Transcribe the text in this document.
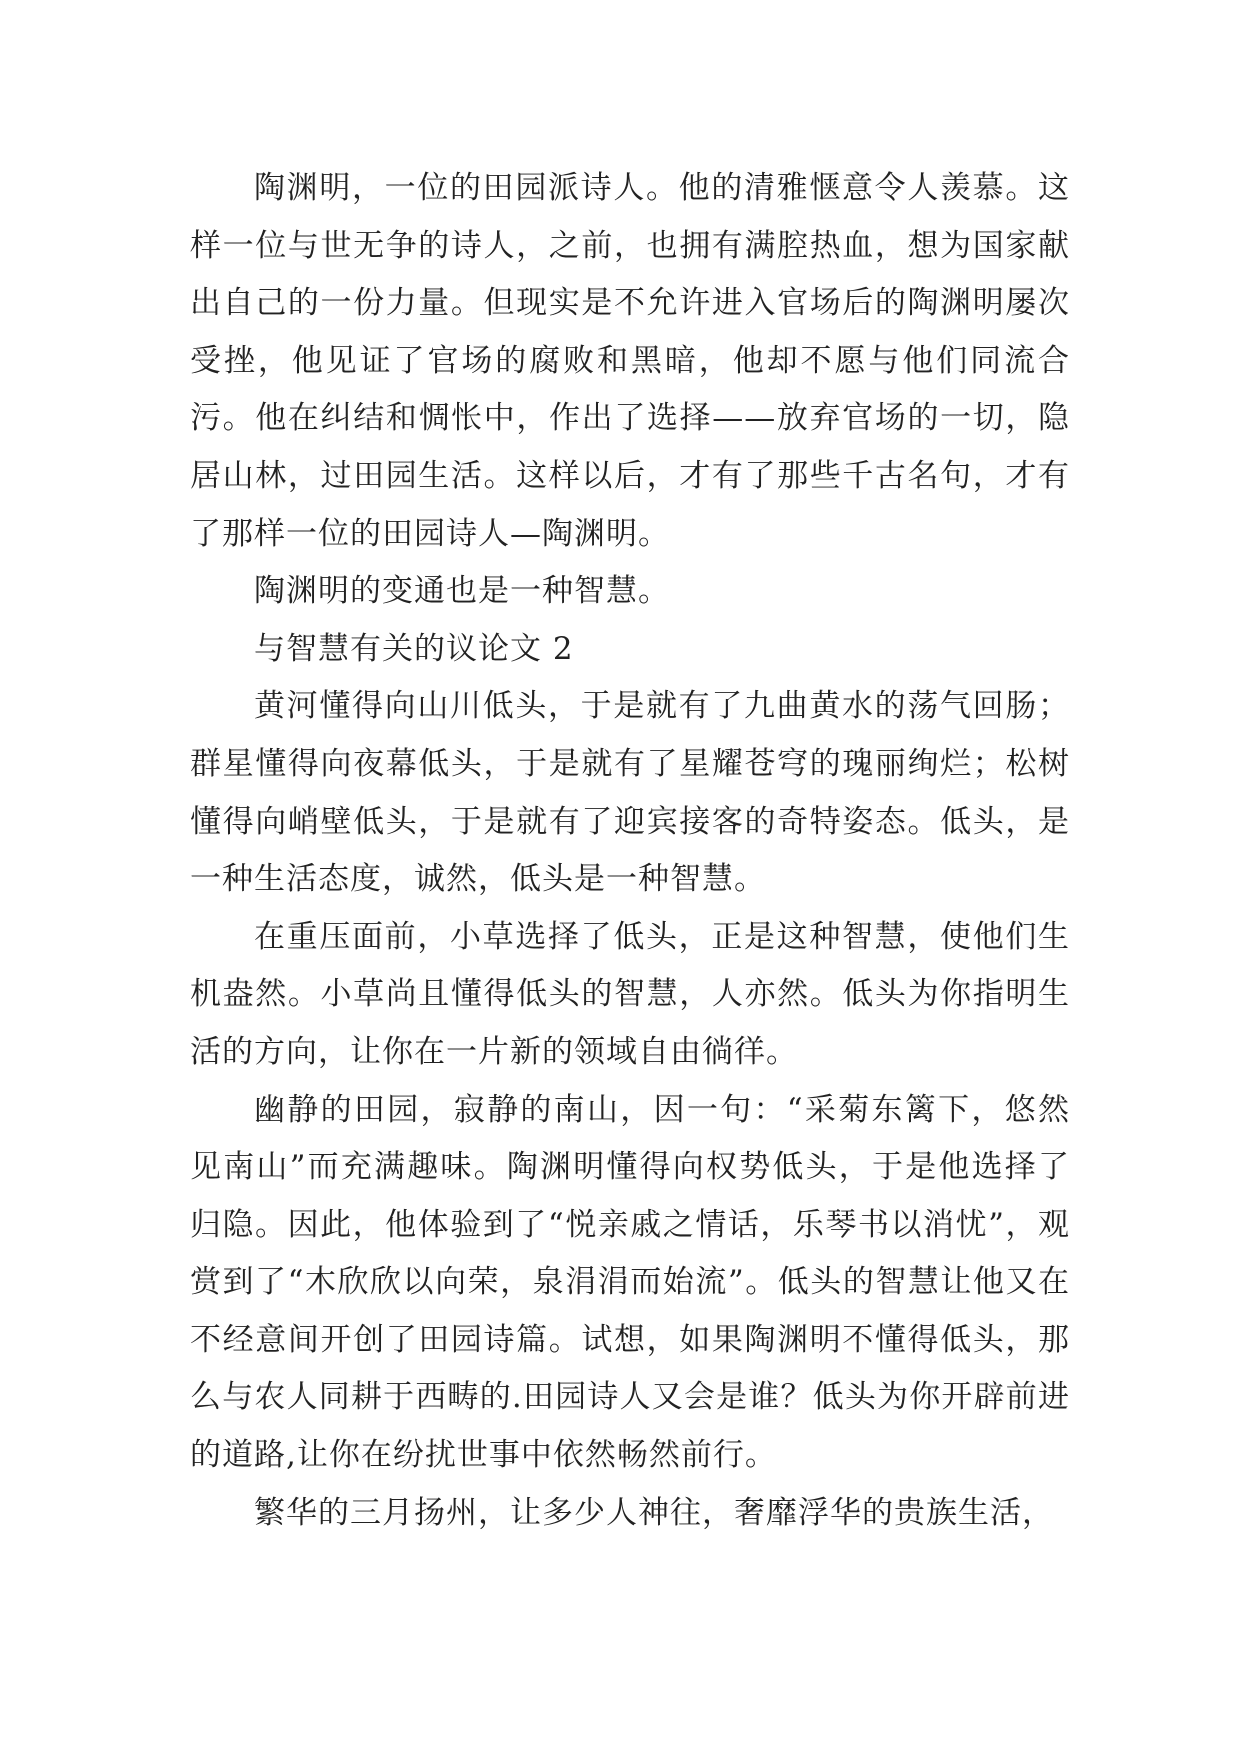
陶渊明，一位的田园派诗人。他的清雅惬意令人羡慕。这样一位与世无争的诗人，之前，也拥有满腔热血，想为国家献出自己的一份力量。但现实是不允许进入官场后的陶渊明屡次受挫，他见证了官场的腐败和黑暗，他却不愿与他们同流合污。他在纠结和惆怅中，作出了选择——放弃官场的一切，隐居山林，过田园生活。这样以后，才有了那些千古名句，才有了那样一位的田园诗人—陶渊明。

陶渊明的变通也是一种智慧。

与智慧有关的议论文 2

黄河懂得向山川低头，于是就有了九曲黄水的荡气回肠；群星懂得向夜幕低头，于是就有了星耀苍穹的瑰丽绚烂；松树懂得向峭壁低头，于是就有了迎宾接客的奇特姿态。低头，是一种生活态度，诚然，低头是一种智慧。

在重压面前，小草选择了低头，正是这种智慧，使他们生机盎然。小草尚且懂得低头的智慧，人亦然。低头为你指明生活的方向，让你在一片新的领域自由徜徉。

幽静的田园，寂静的南山，因一句：“采菊东篱下，悠然见南山”而充满趣味。陶渊明懂得向权势低头，于是他选择了归隐。因此，他体验到了“悦亲戚之情话，乐琴书以消忧”，观赏到了“木欣欣以向荣，泉涓涓而始流”。低头的智慧让他又在不经意间开创了田园诗篇。试想，如果陶渊明不懂得低头，那么与农人同耕于西畴的.田园诗人又会是谁？低头为你开辟前进的道路,让你在纷扰世事中依然畅然前行。

繁华的三月扬州，让多少人神往，奢靡浮华的贵族生活，
